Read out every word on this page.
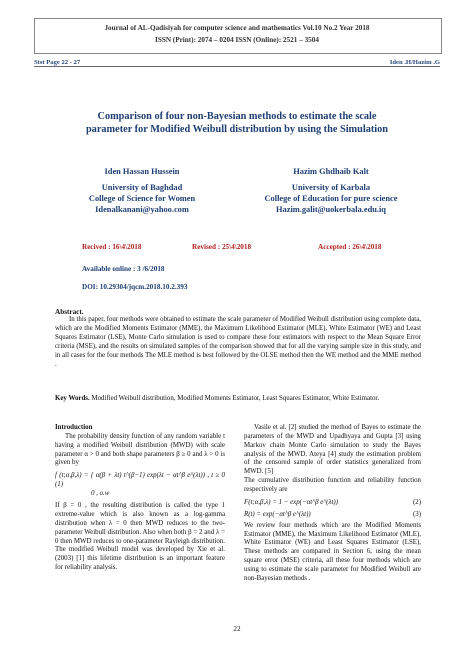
Journal of AL-Qadisiyah for computer science and mathematics Vol.10 No.2 Year 2018
ISSN (Print): 2074 – 0204 ISSN (Online): 2521 – 3504
Stst Page 22 - 27	Iden .H/Hazim .G
Comparison of four non-Bayesian methods to estimate the scale
parameter for Modified Weibull distribution by using the Simulation
Iden Hassan Hussein
University of Baghdad
College of Science for Women
Idenalkanani@yahoo.com
Hazim Ghdhaib Kalt
University of Karbala
College of Education for pure science
Hazim.galit@uokerbala.edu.iq
Recived : 16\4\2018	Revised : 25\4\2018	Accepted : 26\4\2018
Available online : 3 /6/2018
DOI: 10.29304/jqcm.2018.10.2.393
Abstract.
In this paper, four methods were obtained to estimate the scale parameter of Modified Weibull distribution using complete data, which are the Modified Moments Estimator (MME), the Maximum Likelihood Estimator (MLE), White Estimator (WE) and Least Squares Estimator (LSE), Monte Carlo simulation is used to compare these four estimators with respect to the Mean Square Error criteria (MSE), and the results on simulated samples of the comparison showed that for all the varying sample size in this study, and in all cases for the four methods The MLE method is best followed by the OLSE method then the WE method and the MME method .
Key Words. Modified Weibull distribution, Modified Moments Estimator, Least Squares Estimator, White Estimator.
Introduction
The probability density function of any random variable t having a modified Weibull distribution (MWD) with scale parameter α > 0 and both shape parameters β ≥ 0 and λ > 0 is given by
f (t;α,β,λ) = { α(β + λt) t^(β−1) exp(λt − αt^β e^(λt)) , t ≥ 0 (1)
0 , o.w
If β = 0 , the resulting distribution is called the type 1 extreme-value which is also known as a log-gamma distribution when λ = 0 then MWD reduces to the two-parameter Weibull distribution. Also when both β = 2 and λ = 0 then MWD reduces to one-parameter Rayleigh distribution. The modified Weibull model was developed by Xie et al.(2003) [1] this lifetime distribution is an important feature for reliability analysis.
Vasile et al. [2] studied the method of Bayes to estimate the parameters of the MWD and Upadhyaya and Gupta [3] using Markov chain Monte Carlo simulation to study the Bayes analysis of the MWD. Ateya [4] study the estimation problem of the censored sample of order statistics generalized from MWD. [5]
The cumulative distribution function and reliability function respectively are
F(t;α,β,λ) = 1 − exp(−αt^β e^(λt))	(2)
R(t) = exp(−αt^β e^(λt))	(3)
We review four methods which are the Modified Moments Estimator (MME), the Maximum Likelihood Estimator (MLE), White Estimator (WE) and Least Squares Estimator (LSE), These methods are compared in Section 6, using the mean square error (MSE) criteria, all these four methods which are using to estimate the scale parameter for Modified Weibull are non-Bayesian methods .
22
